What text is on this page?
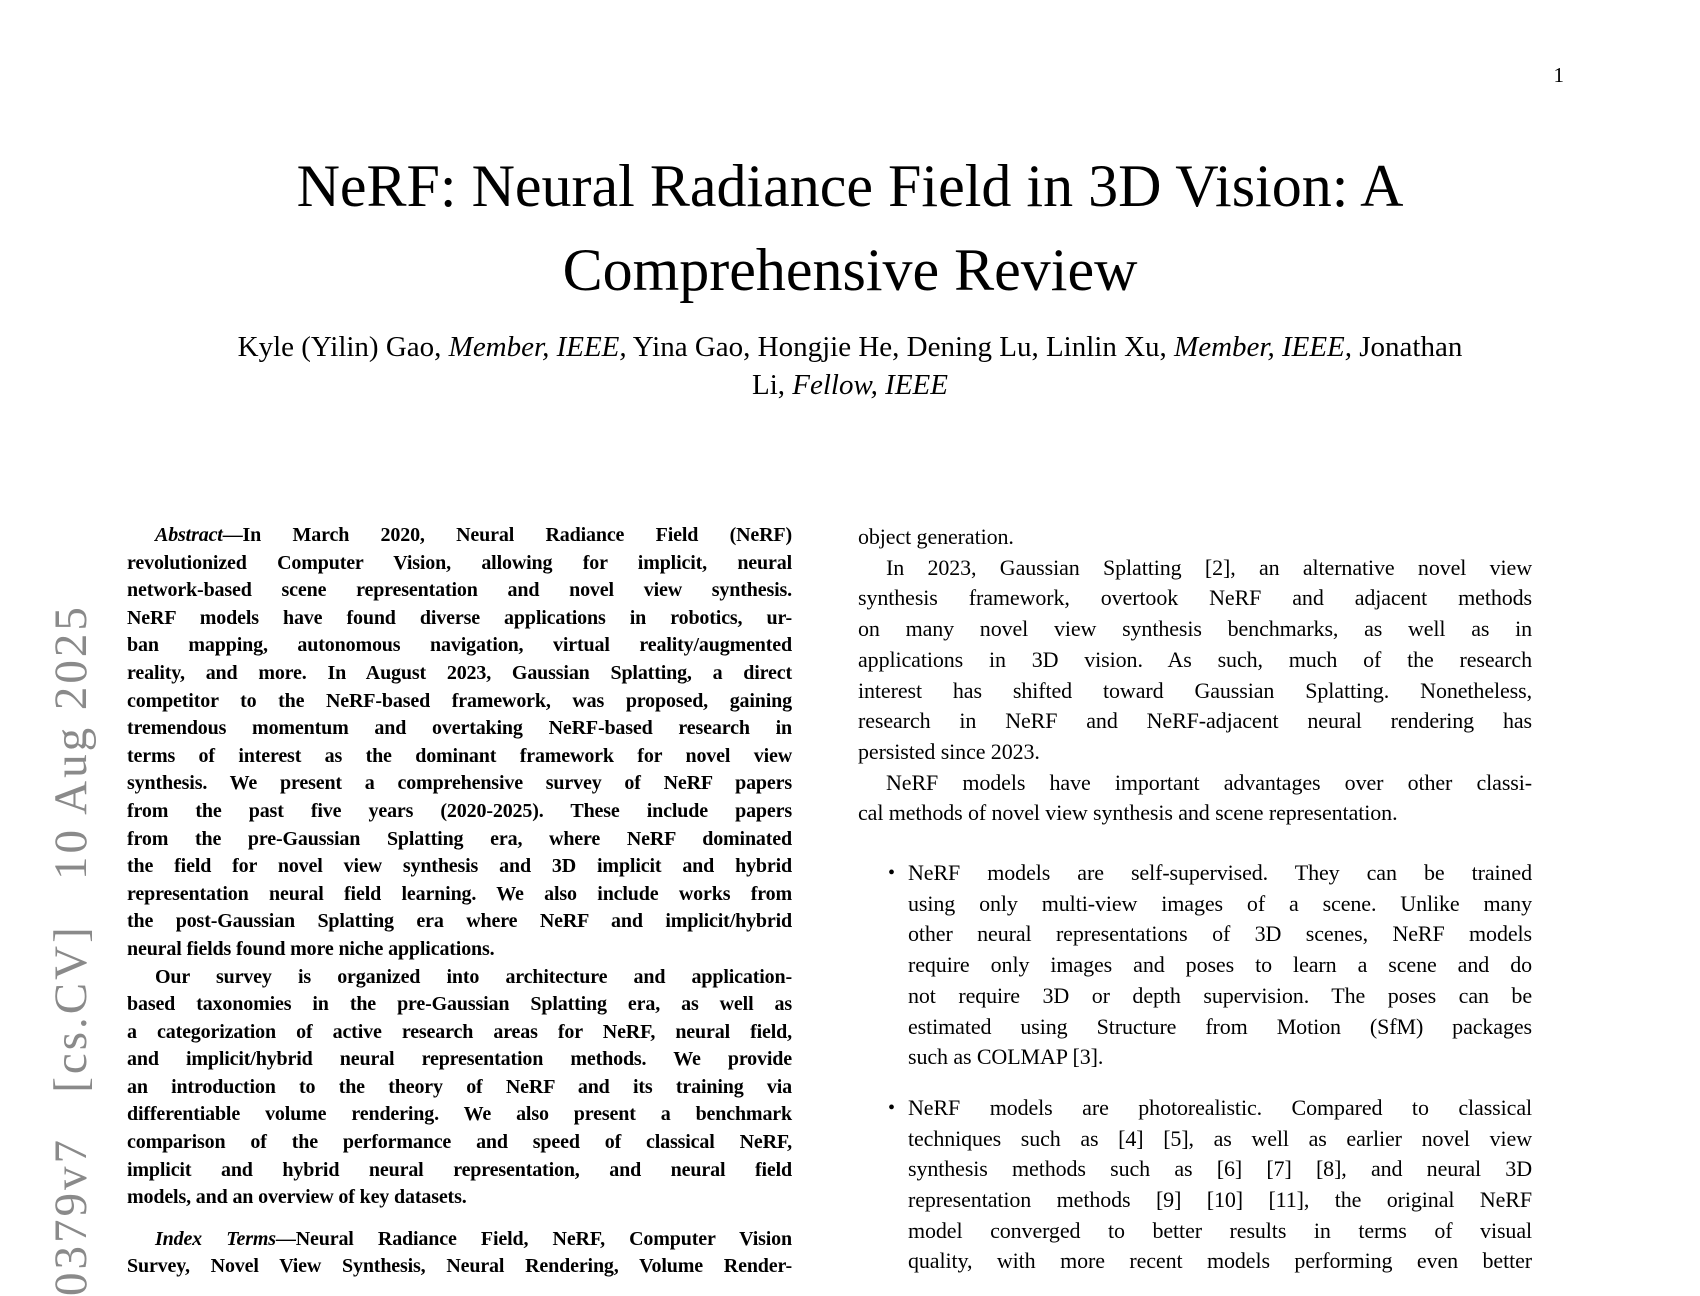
1
0379v7   [cs.CV]   10 Aug 2025
NeRF: Neural Radiance Field in 3D Vision: A
Comprehensive Review
Kyle (Yilin) Gao, Member, IEEE, Yina Gao, Hongjie He, Dening Lu, Linlin Xu, Member, IEEE, Jonathan
Li, Fellow, IEEE
Abstract—In March 2020, Neural Radiance Field (NeRF)
revolutionized Computer Vision, allowing for implicit, neural
network-based scene representation and novel view synthesis.
NeRF models have found diverse applications in robotics, ur-
ban mapping, autonomous navigation, virtual reality/augmented
reality, and more. In August 2023, Gaussian Splatting, a direct
competitor to the NeRF-based framework, was proposed, gaining
tremendous momentum and overtaking NeRF-based research in
terms of interest as the dominant framework for novel view
synthesis. We present a comprehensive survey of NeRF papers
from the past five years (2020-2025). These include papers
from the pre-Gaussian Splatting era, where NeRF dominated
the field for novel view synthesis and 3D implicit and hybrid
representation neural field learning. We also include works from
the post-Gaussian Splatting era where NeRF and implicit/hybrid
neural fields found more niche applications.
Our survey is organized into architecture and application-
based taxonomies in the pre-Gaussian Splatting era, as well as
a categorization of active research areas for NeRF, neural field,
and implicit/hybrid neural representation methods. We provide
an introduction to the theory of NeRF and its training via
differentiable volume rendering. We also present a benchmark
comparison of the performance and speed of classical NeRF,
implicit and hybrid neural representation, and neural field
models, and an overview of key datasets.
Index Terms—Neural Radiance Field, NeRF, Computer Vision
Survey, Novel View Synthesis, Neural Rendering, Volume Render-
object generation.
In 2023, Gaussian Splatting [2], an alternative novel view
synthesis framework, overtook NeRF and adjacent methods
on many novel view synthesis benchmarks, as well as in
applications in 3D vision. As such, much of the research
interest has shifted toward Gaussian Splatting. Nonetheless,
research in NeRF and NeRF-adjacent neural rendering has
persisted since 2023.
NeRF models have important advantages over other classi-
cal methods of novel view synthesis and scene representation.
• NeRF models are self-supervised. They can be trained
using only multi-view images of a scene. Unlike many
other neural representations of 3D scenes, NeRF models
require only images and poses to learn a scene and do
not require 3D or depth supervision. The poses can be
estimated using Structure from Motion (SfM) packages
such as COLMAP [3].
• NeRF models are photorealistic. Compared to classical
techniques such as [4] [5], as well as earlier novel view
synthesis methods such as [6] [7] [8], and neural 3D
representation methods [9] [10] [11], the original NeRF
model converged to better results in terms of visual
quality, with more recent models performing even better
